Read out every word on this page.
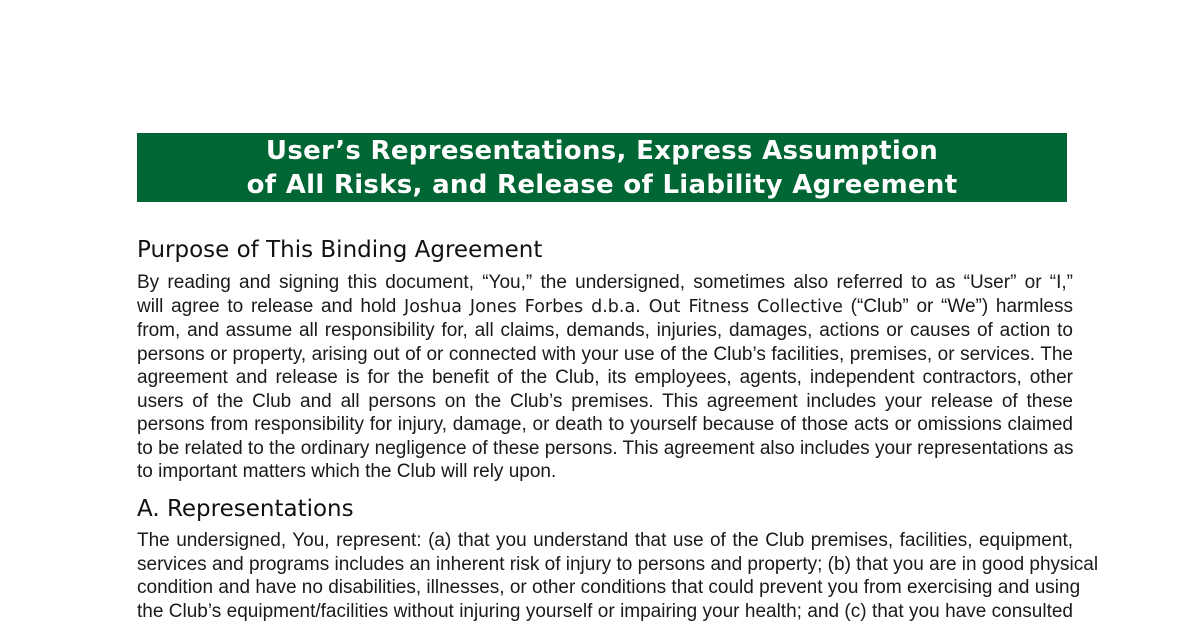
User’s Representations, Express Assumption
of All Risks, and Release of Liability Agreement
Purpose of This Binding Agreement
By reading and signing this document, “You,” the undersigned, sometimes also referred to as “User” or “I,”
will agree to release and hold Joshua Jones Forbes d.b.a. Out Fitness Collective (“Club” or “We”) harmless
from, and assume all responsibility for, all claims, demands, injuries, damages, actions or causes of action to
persons or property, arising out of or connected with your use of the Club’s facilities, premises, or services. The
agreement and release is for the benefit of the Club, its employees, agents, independent contractors, other
users of the Club and all persons on the Club’s premises. This agreement includes your release of these
persons from responsibility for injury, damage, or death to yourself because of those acts or omissions claimed
to be related to the ordinary negligence of these persons. This agreement also includes your representations as
to important matters which the Club will rely upon.
A. Representations
The undersigned, You, represent: (a) that you understand that use of the Club premises, facilities, equipment,
services and programs includes an inherent risk of injury to persons and property; (b) that you are in good physical
condition and have no disabilities, illnesses, or other conditions that could prevent you from exercising and using
the Club’s equipment/facilities without injuring yourself or impairing your health; and (c) that you have consulted
